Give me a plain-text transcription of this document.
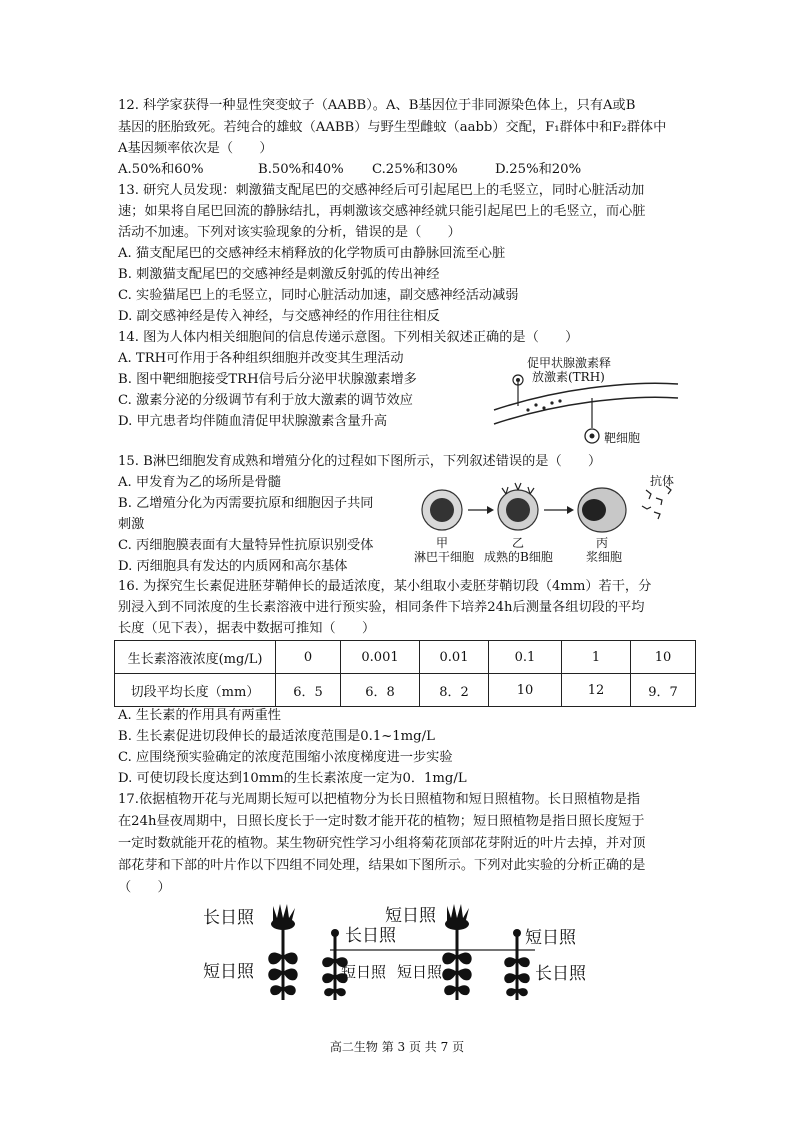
12. 科学家获得一种显性突变蚊子（AABB）。A、B基因位于非同源染色体上，只有A或B
基因的胚胎致死。若纯合的雄蚊（AABB）与野生型雌蚊（aabb）交配，F₁群体中和F₂群体中
A基因频率依次是（　　）
A.50%和60%	B.50%和40% C.25%和30%	D.25%和20%
13. 研究人员发现：刺激猫支配尾巴的交感神经后可引起尾巴上的毛竖立，同时心脏活动加
速；如果将自尾巴回流的静脉结扎，再刺激该交感神经就只能引起尾巴上的毛竖立，而心脏
活动不加速。下列对该实验现象的分析，错误的是（　　）
A. 猫支配尾巴的交感神经末梢释放的化学物质可由静脉回流至心脏
B. 刺激猫支配尾巴的交感神经是刺激反射弧的传出神经
C. 实验猫尾巴上的毛竖立，同时心脏活动加速，副交感神经活动减弱
D. 副交感神经是传入神经，与交感神经的作用往往相反
14. 图为人体内相关细胞间的信息传递示意图。下列相关叙述正确的是（　　）
A. TRH可作用于各种组织细胞并改变其生理活动
B. 图中靶细胞接受TRH信号后分泌甲状腺激素增多
C. 激素分泌的分级调节有利于放大激素的调节效应
D. 甲亢患者均伴随血清促甲状腺激素含量升高
促甲状腺激素释
放激素(TRH)
靶细胞
15. B淋巴细胞发育成熟和增殖分化的过程如下图所示，下列叙述错误的是（　　）
A. 甲发育为乙的场所是骨髓
B. 乙增殖分化为丙需要抗原和细胞因子共同
刺激
C. 丙细胞膜表面有大量特异性抗原识别受体
D. 丙细胞具有发达的内质网和高尔基体
抗体
甲
淋巴干细胞
乙
成熟的B细胞
丙
浆细胞
16. 为探究生长素促进胚芽鞘伸长的最适浓度，某小组取小麦胚芽鞘切段（4mm）若干，分
别浸入到不同浓度的生长素溶液中进行预实验，相同条件下培养24h后测量各组切段的平均
长度（见下表），据表中数据可推知（　　）
生长素溶液浓度(mg/L)	0	0.001	0.01	0.1	1	10
切段平均长度（mm）	6．5	6．8	8．2	10	12	9．7
A. 生长素的作用具有两重性
B. 生长素促进切段伸长的最适浓度范围是0.1~1mg/L
C. 应围绕预实验确定的浓度范围缩小浓度梯度进一步实验
D. 可使切段长度达到10mm的生长素浓度一定为0．1mg/L
17.依据植物开花与光周期长短可以把植物分为长日照植物和短日照植物。长日照植物是指
在24h昼夜周期中，日照长度长于一定时数才能开花的植物；短日照植物是指日照长度短于
一定时数就能开花的植物。某生物研究性学习小组将菊花顶部花芽附近的叶片去掉，并对顶
部花芽和下部的叶片作以下四组不同处理，结果如下图所示。下列对此实验的分析正确的是
（　　）
长日照
短日照
长日照
短日照
短日照
短日照
短日照
长日照
高二生物 第 3 页 共 7 页
